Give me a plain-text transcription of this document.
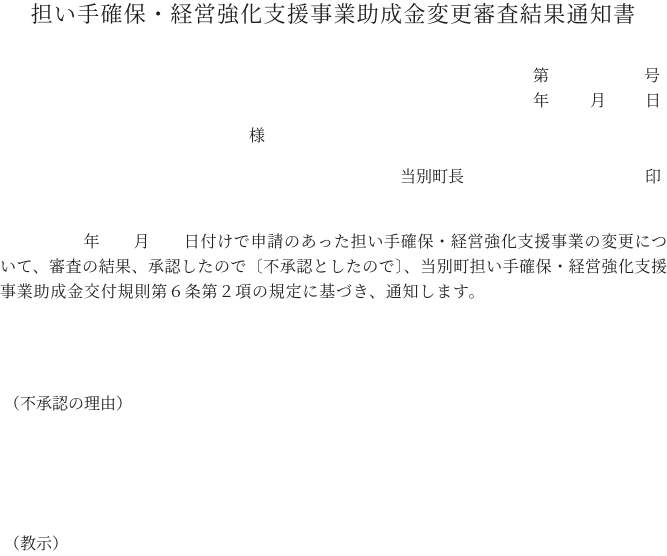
担い手確保・経営強化支援事業助成金変更審査結果通知書
第	号
年	月 日
様
当別町長	印
　　　　　年　　月　　日付けで申請のあった担い手確保・経営強化支援事業の変更につ
いて、審査の結果、承認したので〔不承認としたので〕、当別町担い手確保・経営強化支援
事業助成金交付規則第６条第２項の規定に基づき、通知します。
（不承認の理由）
（教示）
